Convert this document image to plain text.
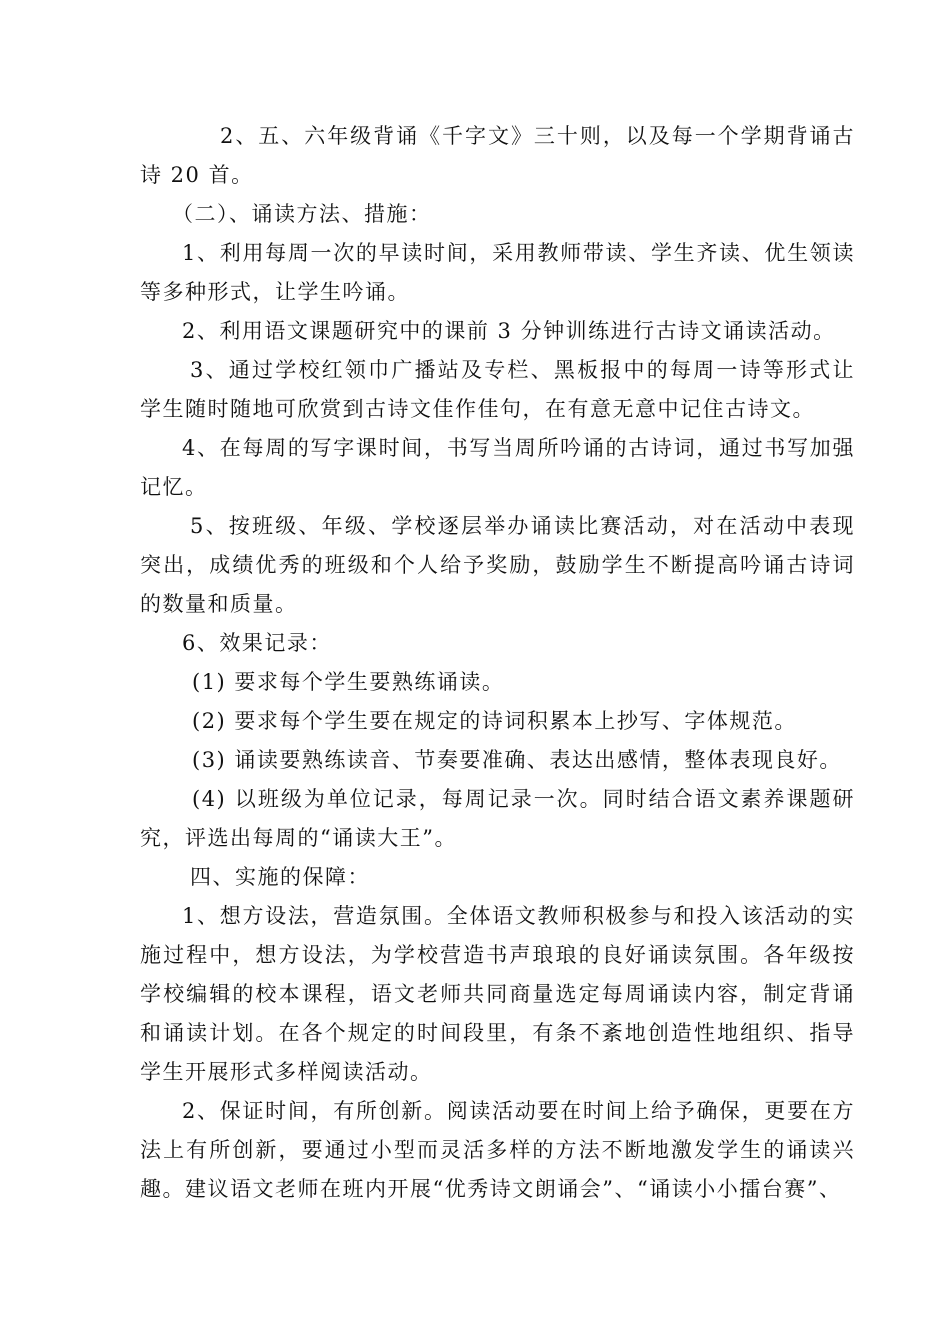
2、五、六年级背诵《千字文》三十则，以及每一个学期背诵古诗 20 首。

（二）、诵读方法、措施：

1、利用每周一次的早读时间，采用教师带读、学生齐读、优生领读等多种形式，让学生吟诵。

2、利用语文课题研究中的课前 3 分钟训练进行古诗文诵读活动。

3、通过学校红领巾广播站及专栏、黑板报中的每周一诗等形式让学生随时随地可欣赏到古诗文佳作佳句，在有意无意中记住古诗文。

4、在每周的写字课时间，书写当周所吟诵的古诗词，通过书写加强记忆。

5、按班级、年级、学校逐层举办诵读比赛活动，对在活动中表现突出，成绩优秀的班级和个人给予奖励，鼓励学生不断提高吟诵古诗词的数量和质量。

6、效果记录：

(1) 要求每个学生要熟练诵读。

(2) 要求每个学生要在规定的诗词积累本上抄写、字体规范。

(3) 诵读要熟练读音、节奏要准确、表达出感情，整体表现良好。

(4) 以班级为单位记录，每周记录一次。同时结合语文素养课题研究，评选出每周的“诵读大王”。

四、实施的保障：

1、想方设法，营造氛围。全体语文教师积极参与和投入该活动的实施过程中，想方设法，为学校营造书声琅琅的良好诵读氛围。各年级按学校编辑的校本课程，语文老师共同商量选定每周诵读内容，制定背诵和诵读计划。在各个规定的时间段里，有条不紊地创造性地组织、指导学生开展形式多样阅读活动。

2、保证时间，有所创新。阅读活动要在时间上给予确保，更要在方法上有所创新，要通过小型而灵活多样的方法不断地激发学生的诵读兴趣。建议语文老师在班内开展“优秀诗文朗诵会”、“诵读小小擂台赛”、
